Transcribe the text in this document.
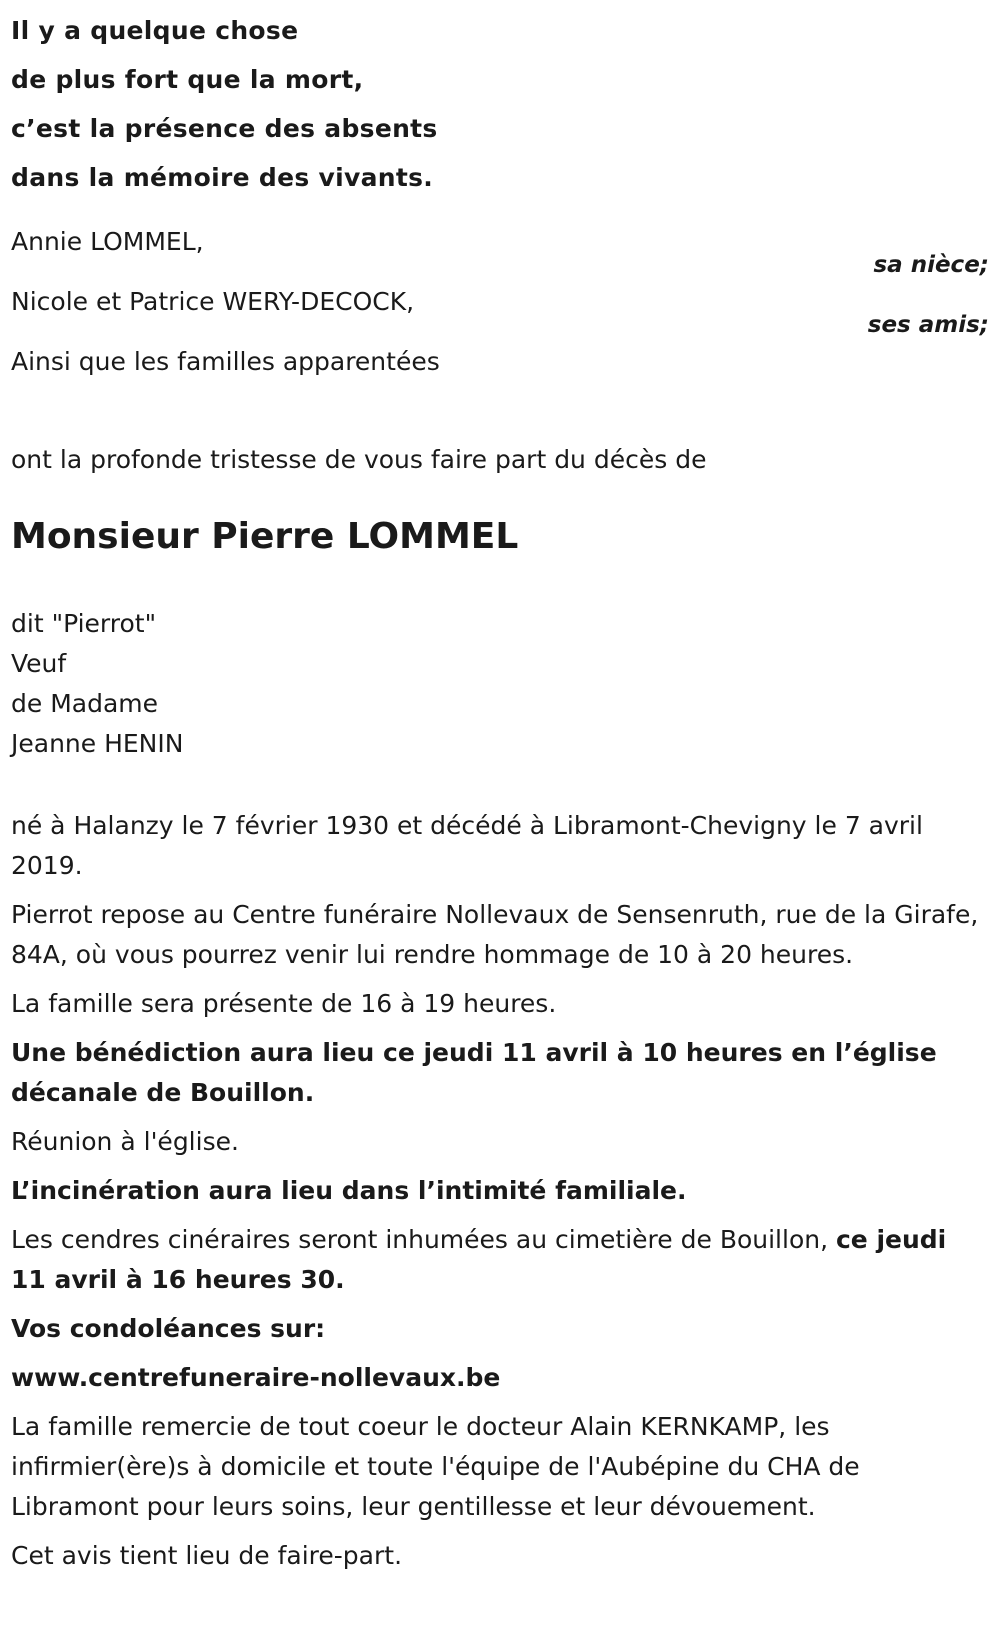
Il y a quelque chose
de plus fort que la mort,
c’est la présence des absents
dans la mémoire des vivants.
Annie LOMMEL,
sa nièce;
Nicole et Patrice WERY-DECOCK,
ses amis;
Ainsi que les familles apparentées
ont la profonde tristesse de vous faire part du décès de
Monsieur Pierre LOMMEL
dit "Pierrot"
Veuf
de Madame
Jeanne HENIN

né à Halanzy le 7 février 1930 et décédé à Libramont-Chevigny le 7 avril 2019.

Pierrot repose au Centre funéraire Nollevaux de Sensenruth, rue de la Girafe, 84A, où vous pourrez venir lui rendre hommage de 10 à 20 heures.

La famille sera présente de 16 à 19 heures.

Une bénédiction aura lieu ce jeudi 11 avril à 10 heures en l’église décanale de Bouillon.

Réunion à l'église.

L’incinération aura lieu dans l’intimité familiale.

Les cendres cinéraires seront inhumées au cimetière de Bouillon, ce jeudi 11 avril à 16 heures 30.

Vos condoléances sur:

www.centrefuneraire-nollevaux.be

La famille remercie de tout coeur le docteur Alain KERNKAMP, les infirmier(ère)s à domicile et toute l'équipe de l'Aubépine du CHA de Libramont pour leurs soins, leur gentillesse et leur dévouement.

Cet avis tient lieu de faire-part.
